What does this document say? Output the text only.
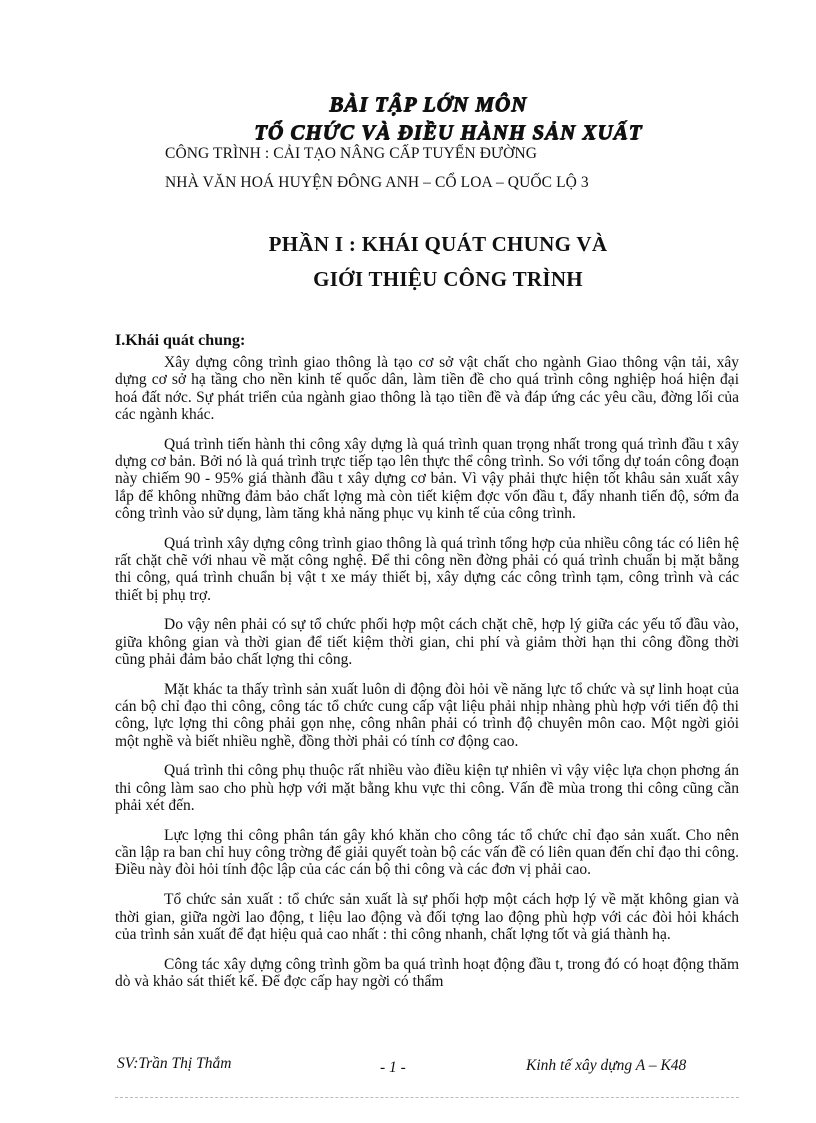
BÀI TẬP LỚN MÔN
TỔ CHỨC VÀ ĐIỀU HÀNH SẢN XUẤT
CÔNG TRÌNH : CẢI TẠO NÂNG CẤP TUYẾN ĐƯỜNG
NHÀ VĂN HOÁ HUYỆN ĐÔNG ANH – CỔ LOA – QUỐC LỘ 3
PHẦN I : KHÁI QUÁT CHUNG VÀ
GIỚI THIỆU CÔNG TRÌNH
I.Khái quát chung:

Xây dựng công trình giao thông là tạo cơ sở vật chất cho ngành Giao thông vận tải, xây dựng cơ sở hạ tầng cho nền kinh tế quốc dân, làm tiền đề cho quá trình công nghiệp hoá hiện đại hoá đất nớc. Sự phát triển của ngành giao thông là tạo tiền đề và đáp ứng các yêu cầu, đờng lối của các ngành khác.

Quá trình tiến hành thi công xây dựng là quá trình quan trọng nhất trong quá trình đầu t xây dựng cơ bản. Bởi nó là quá trình trực tiếp tạo lên thực thể công trình. So với tổng dự toán công đoạn này chiếm 90 - 95% giá thành đầu t xây dựng cơ bản. Vì vậy phải thực hiện tốt khâu sản xuất xây lắp để không những đảm bảo chất lợng mà còn tiết kiệm đợc vốn đầu t, đẩy nhanh tiến độ, sớm đa công trình vào sử dụng, làm tăng khả năng phục vụ kinh tế của công trình.

Quá trình xây dựng công trình giao thông là quá trình tổng hợp của nhiều công tác có liên hệ rất chặt chẽ với nhau về mặt công nghệ. Để thi công nền đờng phải có quá trình chuẩn bị mặt bằng thi công, quá trình chuẩn bị vật t xe máy thiết bị, xây dựng các công trình tạm, công trình và các thiết bị phụ trợ.

Do vậy nên phải có sự tổ chức phối hợp một cách chặt chẽ, hợp lý giữa các yếu tố đầu vào, giữa không gian và thời gian để tiết kiệm thời gian, chi phí và giảm thời hạn thi công đồng thời cũng phải đảm bảo chất lợng thi công.

Mặt khác ta thấy trình sản xuất luôn di động đòi hỏi về năng lực tổ chức và sự linh hoạt của cán bộ chỉ đạo thi công, công tác tổ chức cung cấp vật liệu phải nhịp nhàng phù hợp với tiến độ thi công, lực lợng thi công phải gọn nhẹ, công nhân phải có trình độ chuyên môn cao. Một ngời giỏi một nghề và biết nhiều nghề, đồng thời phải có tính cơ động cao.

Quá trình thi công phụ thuộc rất nhiều vào điều kiện tự nhiên vì vậy việc lựa chọn phơng án thi công làm sao cho phù hợp với mặt bằng khu vực thi công. Vấn đề mùa trong thi công cũng cần phải xét đến.

Lực lợng thi công phân tán gây khó khăn cho công tác tổ chức chỉ đạo sản xuất. Cho nên cần lập ra ban chỉ huy công trờng để giải quyết toàn bộ các vấn đề có liên quan đến chỉ đạo thi công. Điều này đòi hỏi tính độc lập của các cán bộ thi công và các đơn vị phải cao.

Tổ chức sản xuất : tổ chức sản xuất là sự phối hợp một cách hợp lý về mặt không gian và thời gian, giữa ngời lao động, t liệu lao động và đối tợng lao động phù hợp với các đòi hỏi khách của trình sản xuất để đạt hiệu quả cao nhất : thi công nhanh, chất lợng tốt và giá thành hạ.

Công tác xây dựng công trình gồm ba quá trình hoạt động đầu t, trong đó có hoạt động thăm dò và khảo sát thiết kế. Để đợc cấp hay ngời có thẩm

SV:Trần Thị Thắm	- 1 -	Kinh tế xây dựng A – K48
